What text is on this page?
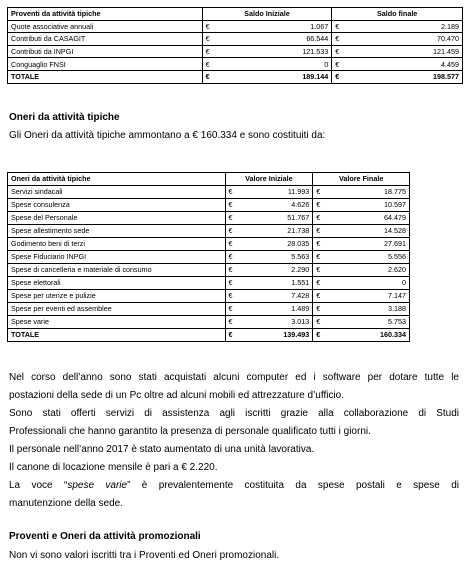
Proventi da attività tipiche	Saldo Iniziale	Saldo finale
Quote associative annuali	€ 1.067	€ 2.189

Contributi da CASAGIT	€ 66.544	€ 70.470

Contributi da INPGI	€ 121.533	€ 121.459

Conguaglio FNSI	€ 0	€ 4.459

TOTALE	€ 189.144	€ 198.577
Oneri da attività tipiche
Gli Oneri da attività tipiche ammontano a € 160.334 e sono costituiti da:
Oneri da attività tipiche	Valore Iniziale	Valore Finale
Servizi sindacali	€ 11.993	€ 18.775

Spese consulenza	€ 4.626	€ 10.597

Spese del Personale	€ 51.767	€ 64.479

Spese allestimento sede	€ 21.738	€ 14.528

Godimento beni di terzi	€ 28.035	€ 27.691

Spese Fiduciario INPGI	€ 5.563	€ 5.556

Spese di cancelleria e materiale di consumo	€ 2.290	€ 2.620

Spese elettorali	€ 1.551	€ 0

Spese per utenze e pulizie	€ 7.428	€ 7.147

Spese per eventi ed assemblee	€ 1.489	€ 3.188

Spese varie	€ 3.013	€ 5.753

TOTALE	€ 139.493	€ 160.334
Nel corso dell’anno sono stati acquistati alcuni computer ed i software per dotare tutte le
postazioni della sede di un Pc oltre ad alcuni mobili ed attrezzature d’ufficio.
Sono stati offerti servizi di assistenza agli iscritti grazie alla collaborazione di Studi
Professionali che hanno garantito la presenza di personale qualificato tutti i giorni.
Il personale nell’anno 2017 è stato aumentato di una unità lavorativa.
Il canone di locazione mensile è pari a € 2.220.
La voce “spese varie” è prevalentemente costituita da spese postali e spese di
manutenzione della sede.
Proventi e Oneri da attività promozionali
Non vi sono valori iscritti tra i Proventi ed Oneri promozionali.
